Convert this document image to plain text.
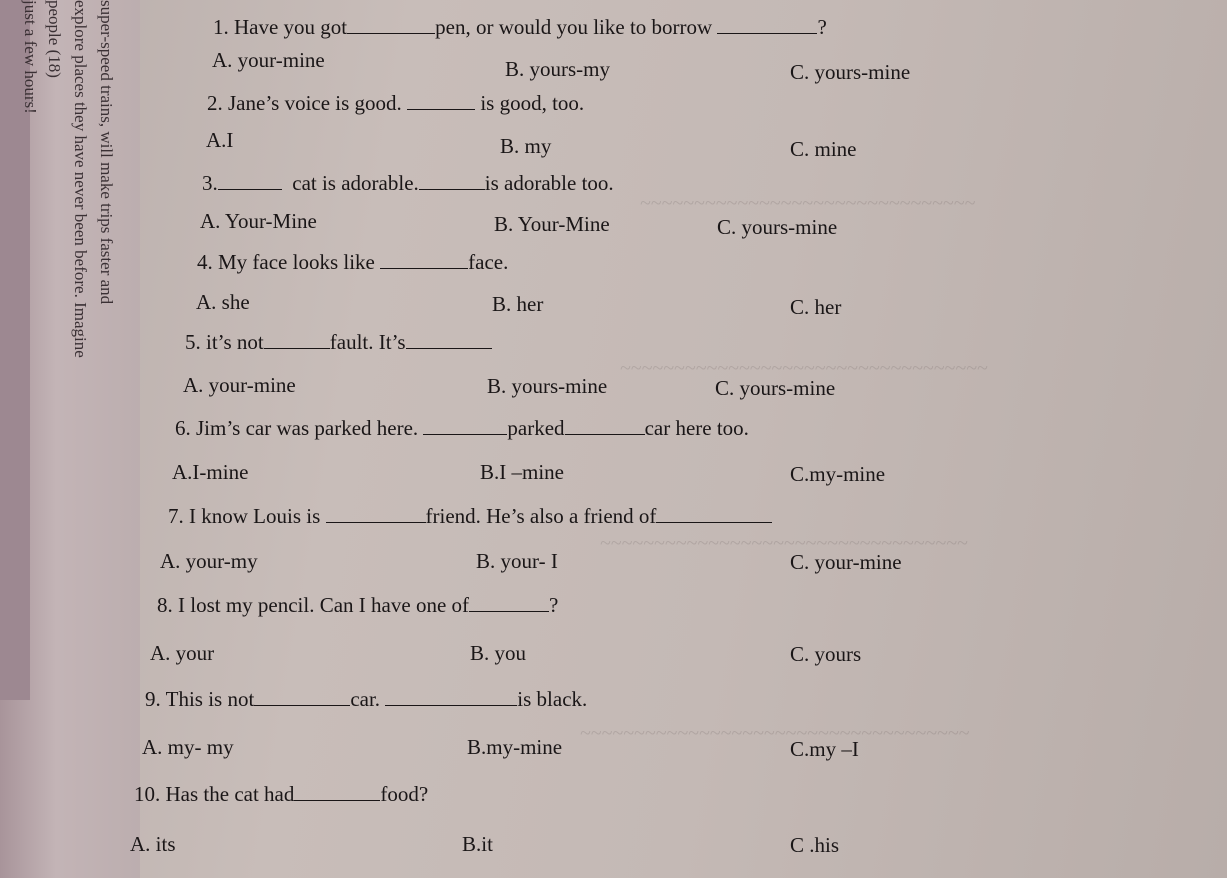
just a few hours! people (18) explore places they have never been before. Imagine super-speed trains, will make trips faster and	~~~~~~~~~~~~~~~~~~~~~~~~~~~~~~~
~~~~~~~~~~~~~~~~~~~~~~~~~~~~~~~~~~
~~~~~~~~~~~~~~~~~~~~~~~~~~~~~~~~~~
~~~~~~~~~~~~~~~~~~~~~~~~~~~~~~~~~~~~
1. Have you got	pen, or would you like to borrow	?
A. your-mine	B. yours-my	C. yours-mine
2. Jane’s voice is good.	is good, too.
A.I	B. my	C. mine
3.	cat is adorable.	is adorable too.
A. Your-Mine	B. Your-Mine	C. yours-mine
4. My face looks like	face.
A. she	B. her	C. her
5. it’s not	fault. It’s
A. your-mine	B. yours-mine	C. yours-mine
6. Jim’s car was parked here.	parked	car here too.
A.I-mine	B.I –mine	C.my-mine
7. I know Louis is	friend. He’s also a friend of
A. your-my	B. your- I	C. your-mine
8. I lost my pencil. Can I have one of	?
A. your	B. you	C. yours
9. This is not	car.	is black.
A. my- my	B.my-mine	C.my –I
10. Has the cat had	food?
A. its	B.it	C .his
